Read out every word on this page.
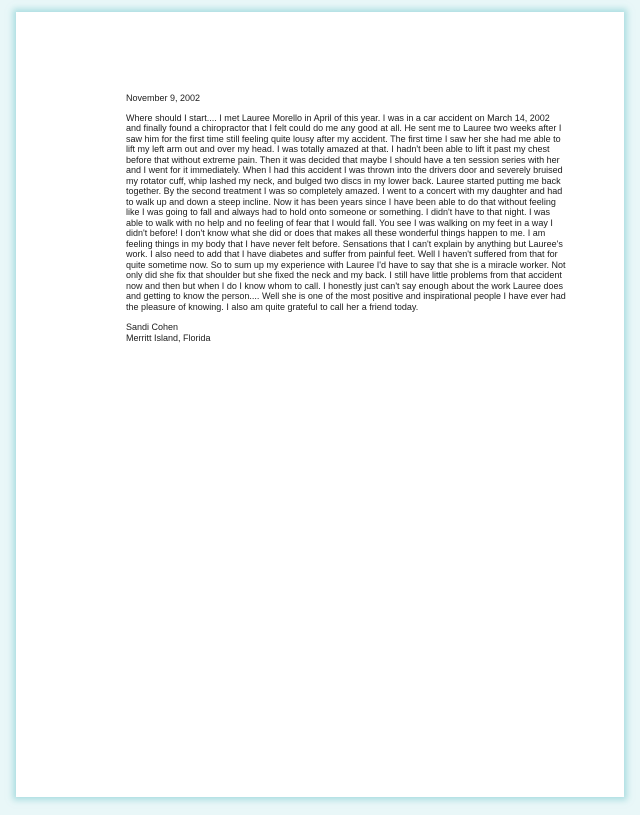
November 9, 2002

Where should I start.... I met Lauree Morello in April of this year. I was in a car accident on March 14, 2002 and finally found a chiropractor that I felt could do me any good at all. He sent me to Lauree two weeks after I saw him for the first time still feeling quite lousy after my accident. The first time I saw her she had me able to lift my left arm out and over my head. I was totally amazed at that. I hadn't been able to lift it past my chest before that without extreme pain. Then it was decided that maybe I should have a ten session series with her and I went for it immediately. When I had this accident I was thrown into the drivers door and severely bruised my rotator cuff, whip lashed my neck, and bulged two discs in my lower back. Lauree started putting me back together. By the second treatment I was so completely amazed. I went to a concert with my daughter and had to walk up and down a steep incline. Now it has been years since I have been able to do that without feeling like I was going to fall and always had to hold onto someone or something. I didn't have to that night. I was able to walk with no help and no feeling of fear that I would fall. You see I was walking on my feet in a way I didn't before! I don't know what she did or does that makes all these wonderful things happen to me. I am feeling things in my body that I have never felt before. Sensations that I can't explain by anything but Lauree's work. I also need to add that I have diabetes and suffer from painful feet. Well I haven't suffered from that for quite sometime now. So to sum up my experience with Lauree I'd have to say that she is a miracle worker. Not only did she fix that shoulder but she fixed the neck and my back. I still have little problems from that accident now and then but when I do I know whom to call. I honestly just can't say enough about the work Lauree does and getting to know the person.... Well she is one of the most positive and inspirational people I have ever had the pleasure of knowing. I also am quite grateful to call her a friend today.

Sandi Cohen
Merritt Island, Florida
